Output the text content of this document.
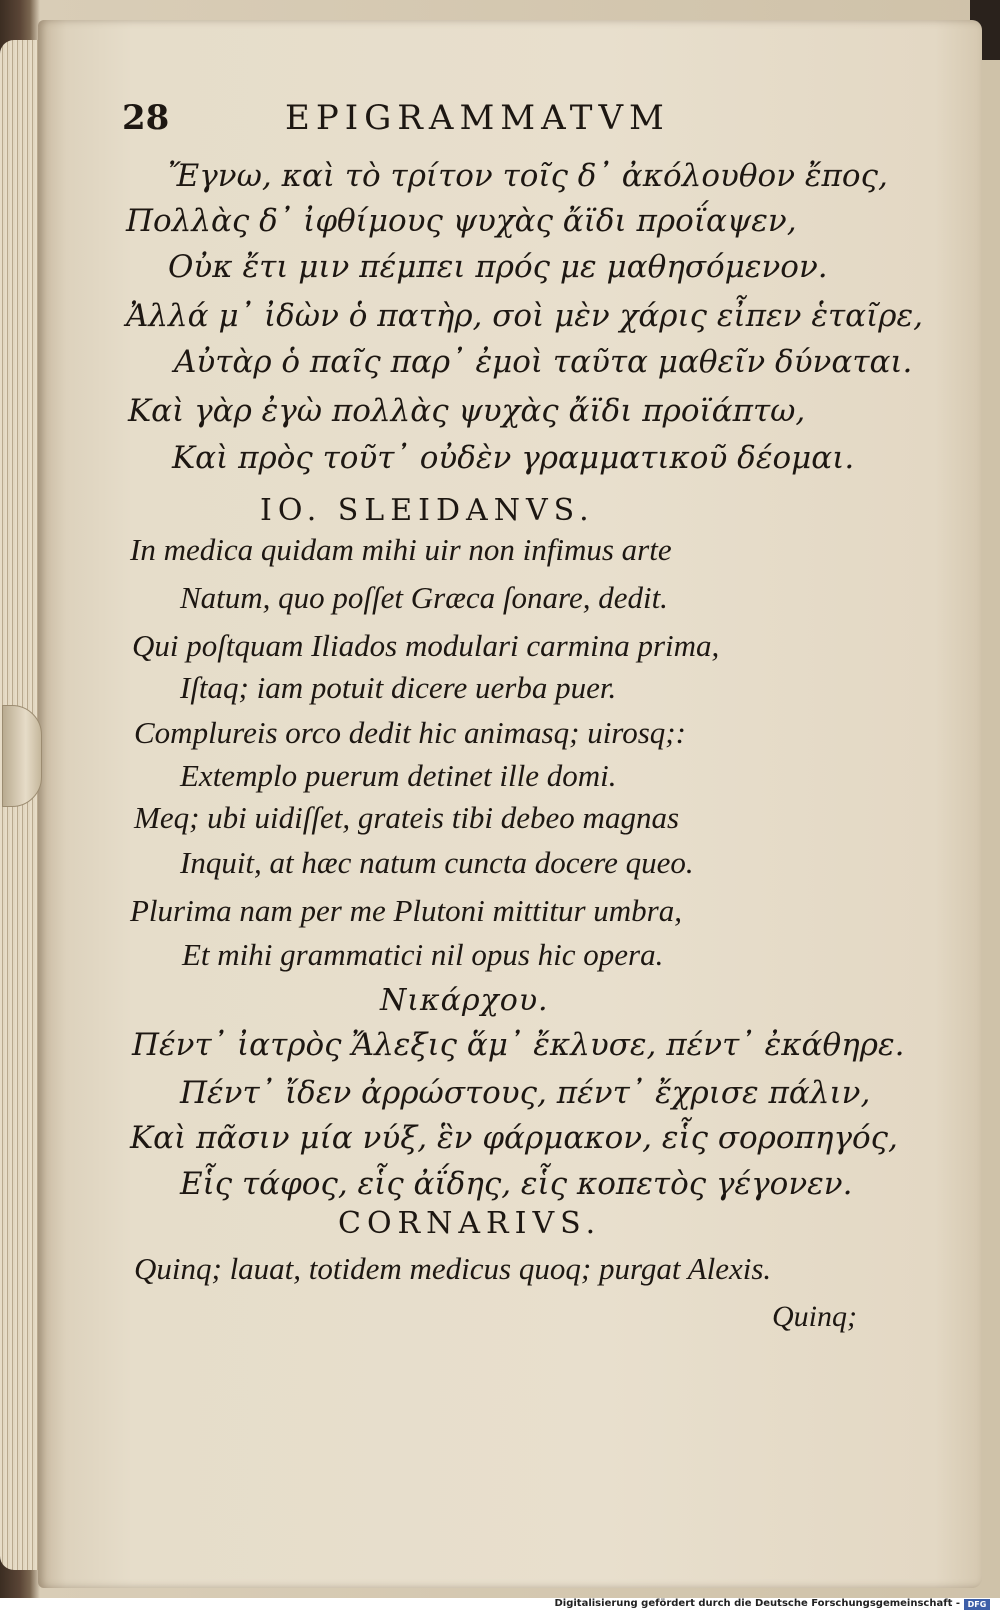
28	EPIGRAMMATVM
Ἔγνω, καὶ τὸ τρίτον τοῖς δ᾽ ἀκόλουθον ἔπος,
Πολλὰς δ᾽ ἰφθίμους ψυχὰς ἄϊδι προΐαψεν,
Οὐκ ἔτι μιν πέμπει πρός με μαθησόμενον.
Ἀλλά μ᾽ ἰδὼν ὁ πατὴρ, σοὶ μὲν χάρις εἶπεν ἑταῖρε,
Αὐτὰρ ὁ παῖς παρ᾽ ἐμοὶ ταῦτα μαθεῖν δύναται.
Καὶ γὰρ ἐγὼ πολλὰς ψυχὰς ἄϊδι προϊάπτω,
Καὶ πρὸς τοῦτ᾽ οὐδὲν γραμματικοῦ δέομαι.
IO. SLEIDANVS.
In medica quidam mihi uir non infimus arte
Natum, quo poſſet Græca ſonare, dedit.
Qui poſtquam Iliados modulari carmina prima,
Iſtaq; iam potuit dicere uerba puer.
Complureis orco dedit hic animasq; uirosq;:
Extemplo puerum detinet ille domi.
Meq; ubi uidiſſet, grateis tibi debeo magnas
Inquit, at hæc natum cuncta docere queo.
Plurima nam per me Plutoni mittitur umbra,
Et mihi grammatici nil opus hic opera.
Νικάρχου.
Πέντ᾽ ἰατρὸς Ἄλεξις ἅμ᾽ ἔκλυσε, πέντ᾽ ἐκάθηρε.
Πέντ᾽ ἴδεν ἀρρώστους, πέντ᾽ ἔχρισε πάλιν,
Καὶ πᾶσιν μία νύξ, ἓν φάρμακον, εἷς σοροπηγός,
Εἷς τάφος, εἷς ἀΐδης, εἷς κοπετὸς γέγονεν.
CORNARIVS.
Quinq; lauat, totidem medicus quoq; purgat Alexis.
Quinq;
Digitalisierung gefördert durch die Deutsche Forschungsgemeinschaft - DFG
